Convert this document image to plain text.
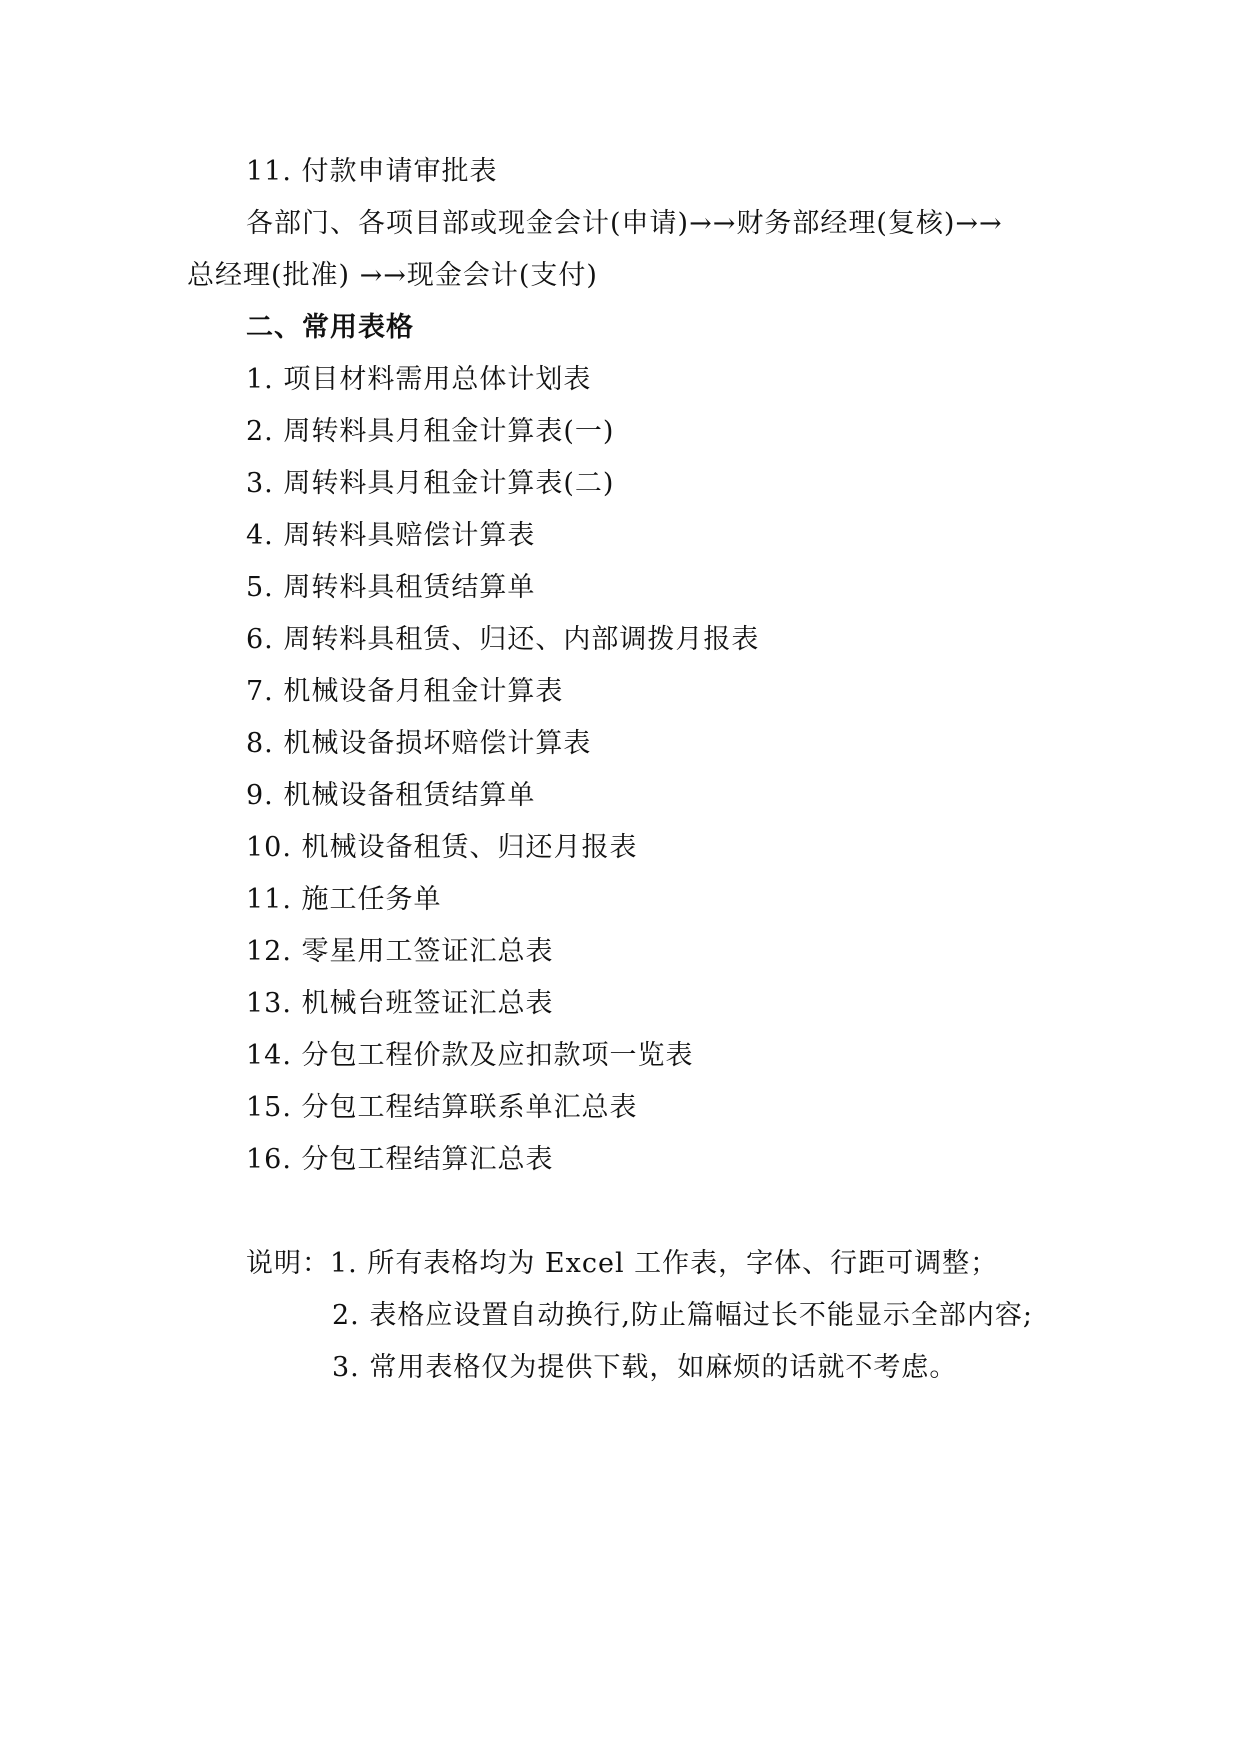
11. 付款申请审批表
各部门、各项目部或现金会计(申请)→→财务部经理(复核)→→
总经理(批准) →→现金会计(支付)
二、常用表格
1. 项目材料需用总体计划表
2. 周转料具月租金计算表(一)
3. 周转料具月租金计算表(二)
4. 周转料具赔偿计算表
5. 周转料具租赁结算单
6. 周转料具租赁、归还、内部调拨月报表
7. 机械设备月租金计算表
8. 机械设备损坏赔偿计算表
9. 机械设备租赁结算单
10. 机械设备租赁、归还月报表
11. 施工任务单
12. 零星用工签证汇总表
13. 机械台班签证汇总表
14. 分包工程价款及应扣款项一览表
15. 分包工程结算联系单汇总表
16. 分包工程结算汇总表
说明：1. 所有表格均为 Excel 工作表，字体、行距可调整；
2. 表格应设置自动换行,防止篇幅过长不能显示全部内容;
3. 常用表格仅为提供下载，如麻烦的话就不考虑。
